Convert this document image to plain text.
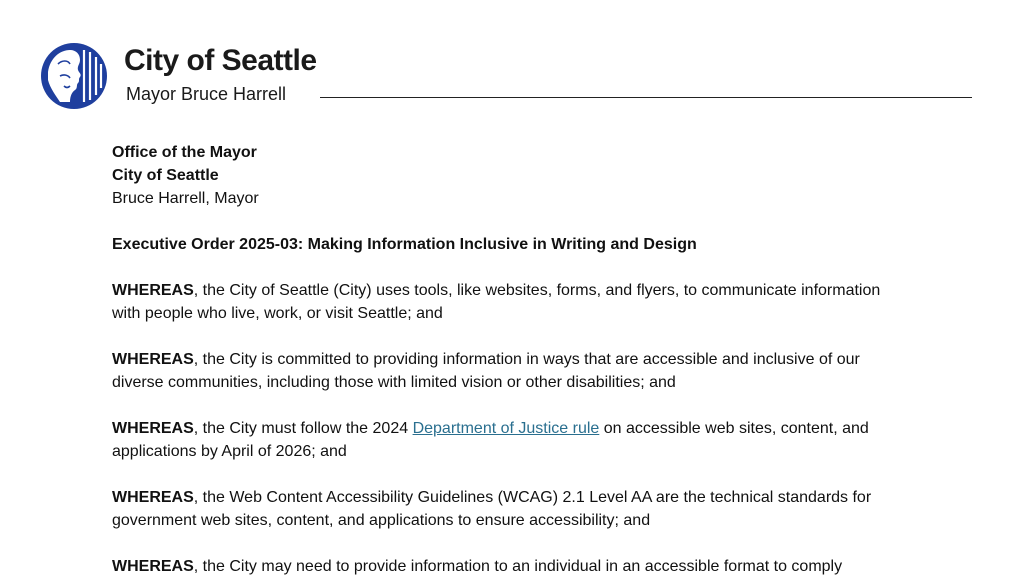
City of Seattle
Mayor Bruce Harrell

Office of the Mayor

City of Seattle

Bruce Harrell, Mayor

Executive Order 2025-03: Making Information Inclusive in Writing and Design

WHEREAS, the City of Seattle (City) uses tools, like websites, forms, and flyers, to communicate information with people who live, work, or visit Seattle; and

WHEREAS, the City is committed to providing information in ways that are accessible and inclusive of our diverse communities, including those with limited vision or other disabilities; and

WHEREAS, the City must follow the 2024 Department of Justice rule on accessible web sites, content, and applications by April of 2026; and

WHEREAS, the Web Content Accessibility Guidelines (WCAG) 2.1 Level AA are the technical standards for government web sites, content, and applications to ensure accessibility; and

WHEREAS, the City may need to provide information to an individual in an accessible format to comply
